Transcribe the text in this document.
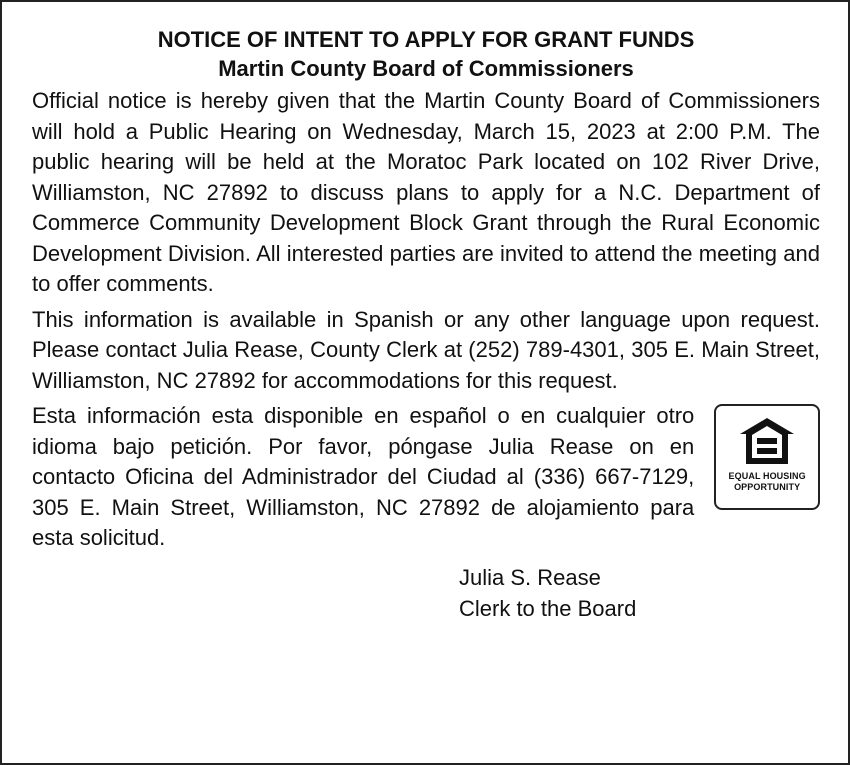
NOTICE OF INTENT TO APPLY FOR GRANT FUNDS
Martin County Board of Commissioners

Official notice is hereby given that the Martin County Board of Commissioners will hold a Public Hearing on Wednesday, March 15, 2023 at 2:00 P.M. The public hearing will be held at the Moratoc Park located on 102 River Drive, Williamston, NC 27892 to discuss plans to apply for a N.C. Department of Commerce Community Development Block Grant through the Rural Economic Development Division. All interested parties are invited to attend the meeting and to offer comments.

This information is available in Spanish or any other language upon request. Please contact Julia Rease, County Clerk at (252) 789-4301, 305 E. Main Street, Williamston, NC 27892 for accommodations for this request.

Esta información esta disponible en español o en cualquier otro idioma bajo petición. Por favor, póngase Julia Rease on en contacto Oficina del Administrador del Ciudad al (336) 667-7129, 305 E. Main Street, Williamston, NC 27892 de alojamiento para esta solicitud.

EQUAL HOUSING
OPPORTUNITY
Julia S. Rease
Clerk to the Board
